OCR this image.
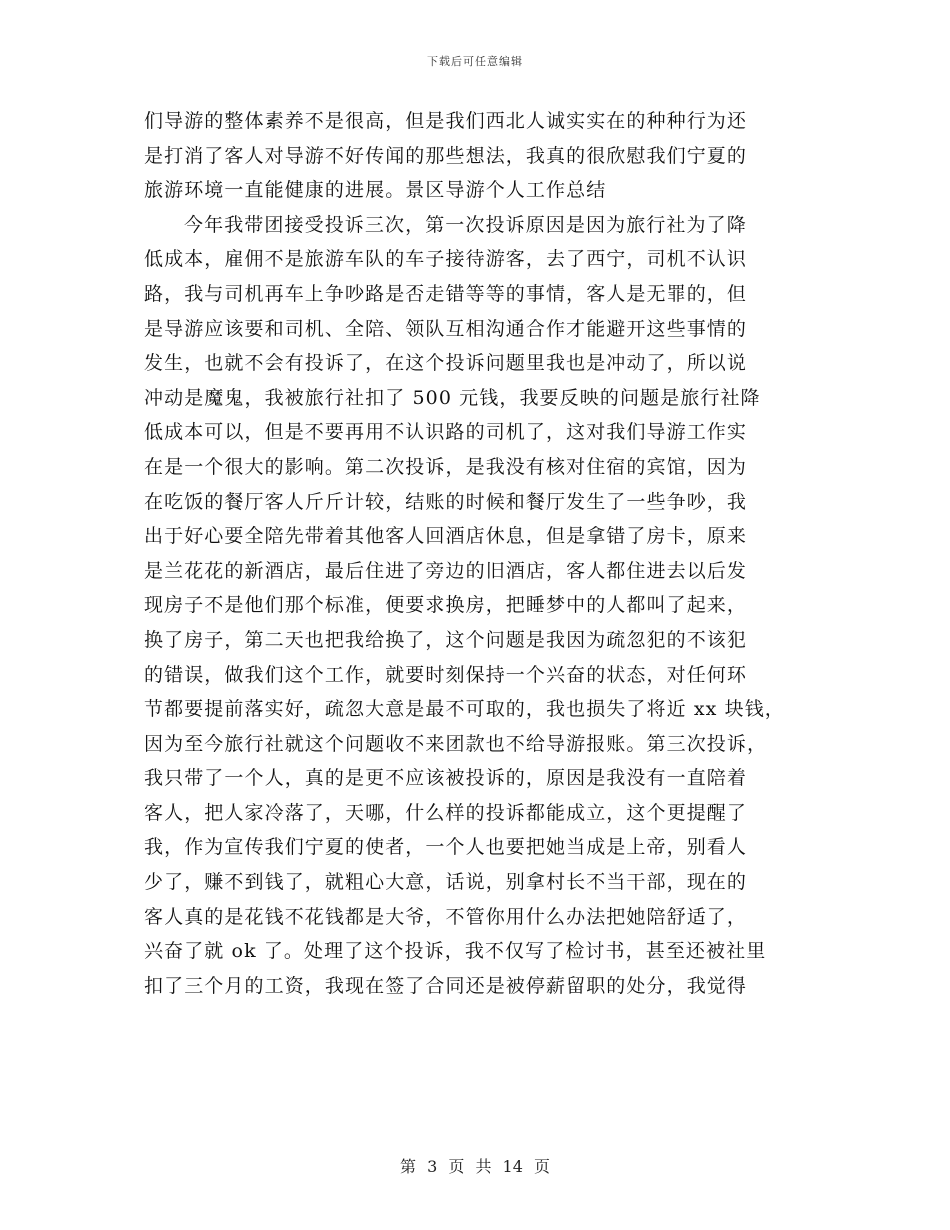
下载后可任意编辑
们导游的整体素养不是很高，但是我们西北人诚实实在的种种行为还
是打消了客人对导游不好传闻的那些想法，我真的很欣慰我们宁夏的
旅游环境一直能健康的进展。景区导游个人工作总结
今年我带团接受投诉三次，第一次投诉原因是因为旅行社为了降
低成本，雇佣不是旅游车队的车子接待游客，去了西宁，司机不认识
路，我与司机再车上争吵路是否走错等等的事情，客人是无罪的，但
是导游应该要和司机、全陪、领队互相沟通合作才能避开这些事情的
发生，也就不会有投诉了，在这个投诉问题里我也是冲动了，所以说
冲动是魔鬼，我被旅行社扣了 500 元钱，我要反映的问题是旅行社降
低成本可以，但是不要再用不认识路的司机了，这对我们导游工作实
在是一个很大的影响。第二次投诉，是我没有核对住宿的宾馆，因为
在吃饭的餐厅客人斤斤计较，结账的时候和餐厅发生了一些争吵，我
出于好心要全陪先带着其他客人回酒店休息，但是拿错了房卡，原来
是兰花花的新酒店，最后住进了旁边的旧酒店，客人都住进去以后发
现房子不是他们那个标准，便要求换房，把睡梦中的人都叫了起来，
换了房子，第二天也把我给换了，这个问题是我因为疏忽犯的不该犯
的错误，做我们这个工作，就要时刻保持一个兴奋的状态，对任何环
节都要提前落实好，疏忽大意是最不可取的，我也损失了将近 xx 块钱，
因为至今旅行社就这个问题收不来团款也不给导游报账。第三次投诉，
我只带了一个人，真的是更不应该被投诉的，原因是我没有一直陪着
客人，把人家冷落了，天哪，什么样的投诉都能成立，这个更提醒了
我，作为宣传我们宁夏的使者，一个人也要把她当成是上帝，别看人
少了，赚不到钱了，就粗心大意，话说，别拿村长不当干部，现在的
客人真的是花钱不花钱都是大爷，不管你用什么办法把她陪舒适了，
兴奋了就 ok 了。处理了这个投诉，我不仅写了检讨书，甚至还被社里
扣了三个月的工资，我现在签了合同还是被停薪留职的处分，我觉得
第 3 页 共 14 页
